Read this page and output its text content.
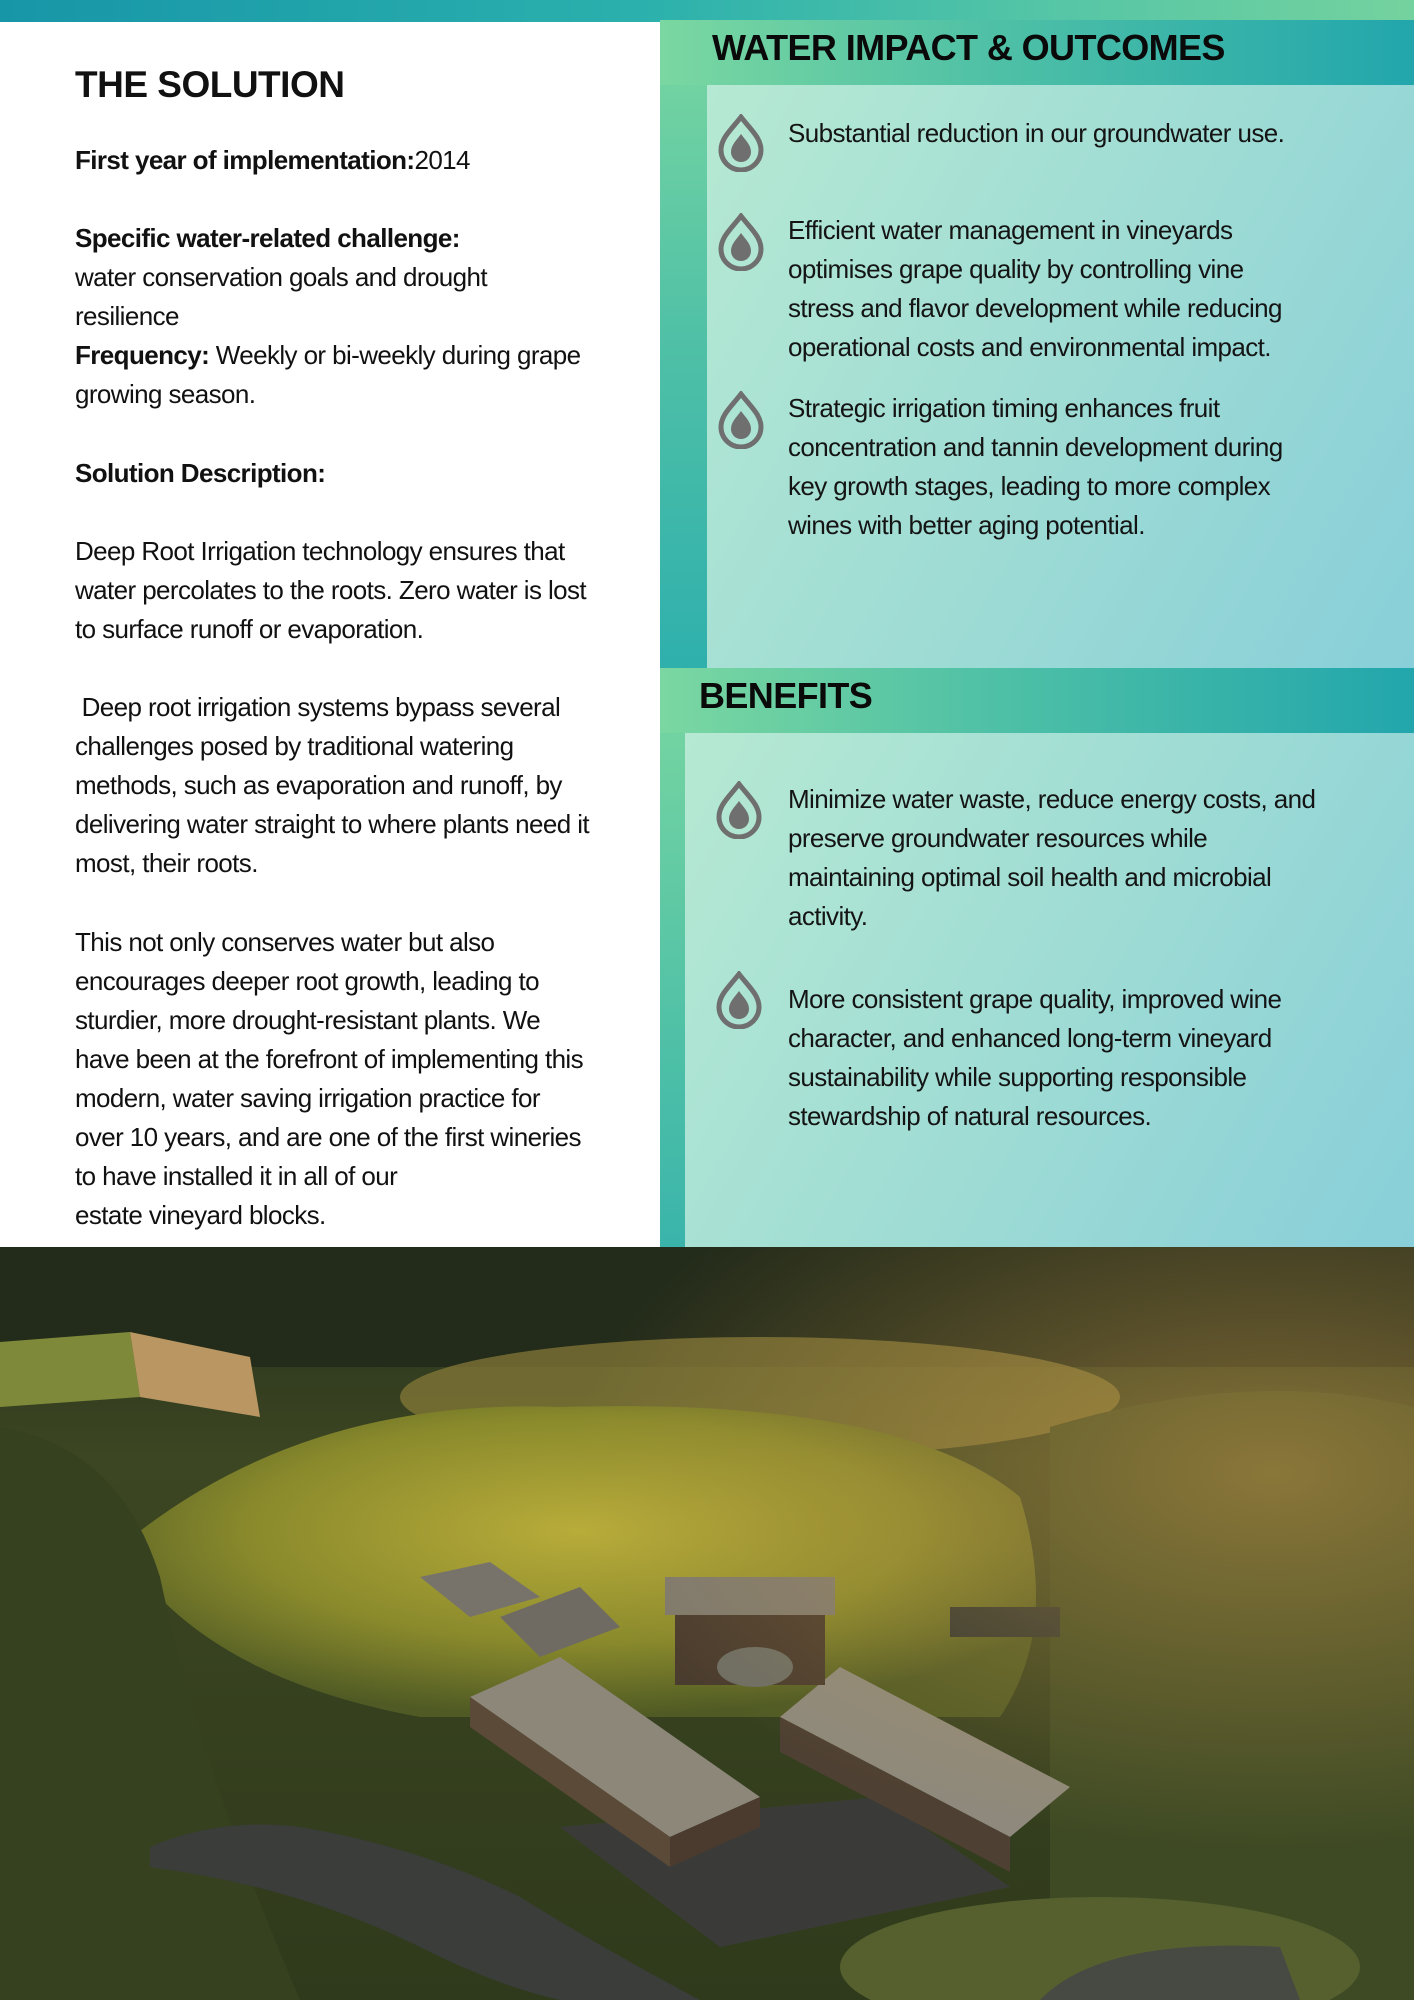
THE SOLUTION
First year of implementation:2014
Specific water-related challenge:
water conservation goals and drought
resilience
Frequency: Weekly or bi-weekly during grape
growing season.
Solution Description:
Deep Root Irrigation technology ensures that
water percolates to the roots. Zero water is lost
to surface runoff or evaporation.
Deep root irrigation systems bypass several
challenges posed by traditional watering
methods, such as evaporation and runoff, by
delivering water straight to where plants need it
most, their roots.
This not only conserves water but also
encourages deeper root growth, leading to
sturdier, more drought-resistant plants. We
have been at the forefront of implementing this
modern, water saving irrigation practice for
over 10 years, and are one of the first wineries
to have installed it in all of our
estate vineyard blocks.
WATER IMPACT & OUTCOMES
Substantial reduction in our groundwater use.
Efficient water management in vineyards
optimises grape quality by controlling vine
stress and flavor development while reducing
operational costs and environmental impact.
Strategic irrigation timing enhances fruit
concentration and tannin development during
key growth stages, leading to more complex
wines with better aging potential.
BENEFITS
Minimize water waste, reduce energy costs, and
preserve groundwater resources while
maintaining optimal soil health and microbial
activity.
More consistent grape quality, improved wine
character, and enhanced long-term vineyard
sustainability while supporting responsible
stewardship of natural resources.
